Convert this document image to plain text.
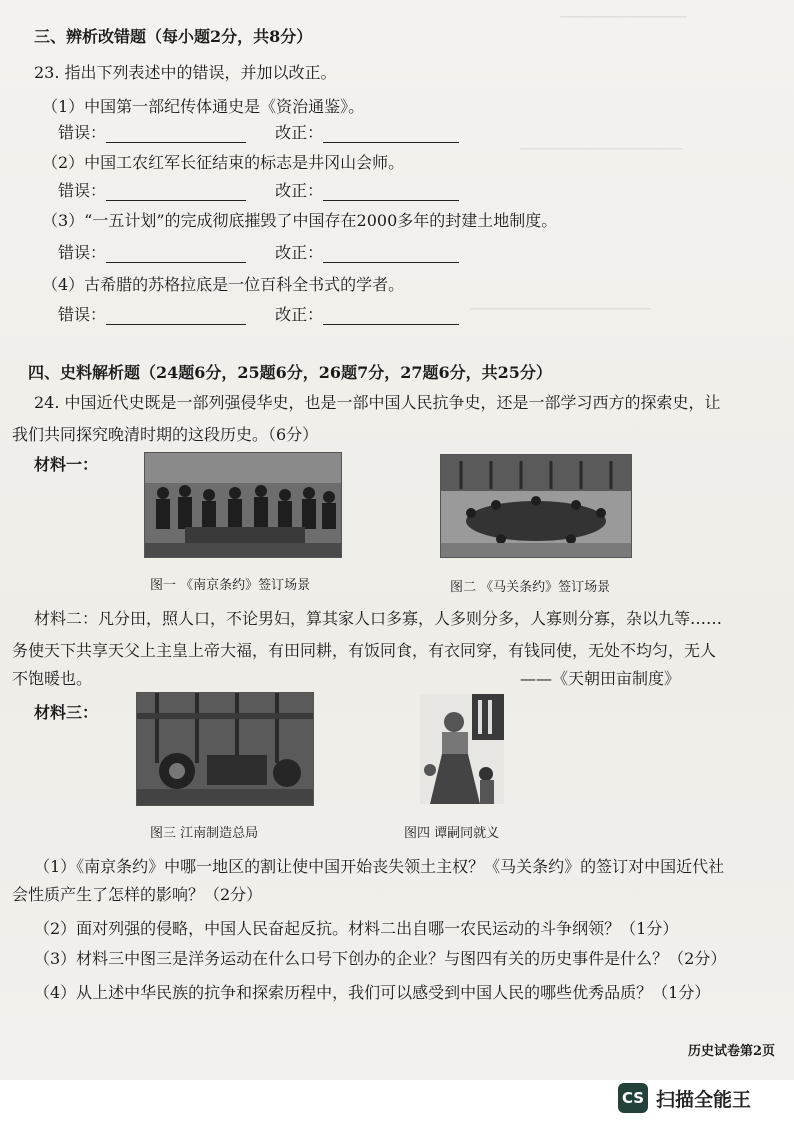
三、辨析改错题（每小题2分，共8分）
23. 指出下列表述中的错误，并加以改正。
（1）中国第一部纪传体通史是《资治通鉴》。
错误：	改正：
（2）中国工农红军长征结束的标志是井冈山会师。
错误：	改正：
（3）“一五计划”的完成彻底摧毁了中国存在2000多年的封建土地制度。
错误：	改正：
（4）古希腊的苏格拉底是一位百科全书式的学者。
错误：	改正：
四、史料解析题（24题6分，25题6分，26题7分，27题6分，共25分）
24. 中国近代史既是一部列强侵华史，也是一部中国人民抗争史，还是一部学习西方的探索史，让
我们共同探究晚清时期的这段历史。（6分）
材料一：
图一 《南京条约》签订场景	图二 《马关条约》签订场景
材料二：凡分田，照人口，不论男妇，算其家人口多寡，人多则分多，人寡则分寡，杂以九等……
务使天下共享天父上主皇上帝大福，有田同耕，有饭同食，有衣同穿，有钱同使，无处不均匀，无人
不饱暖也。	——《天朝田亩制度》
材料三：
图三 江南制造总局	图四 谭嗣同就义
（1）《南京条约》中哪一地区的割让使中国开始丧失领土主权？《马关条约》的签订对中国近代社
会性质产生了怎样的影响？（2分）
（2）面对列强的侵略，中国人民奋起反抗。材料二出自哪一农民运动的斗争纲领？（1分）
（3）材料三中图三是洋务运动在什么口号下创办的企业？与图四有关的历史事件是什么？（2分）
（4）从上述中华民族的抗争和探索历程中，我们可以感受到中国人民的哪些优秀品质？（1分）
历史试卷第2页
CS 扫描全能王
